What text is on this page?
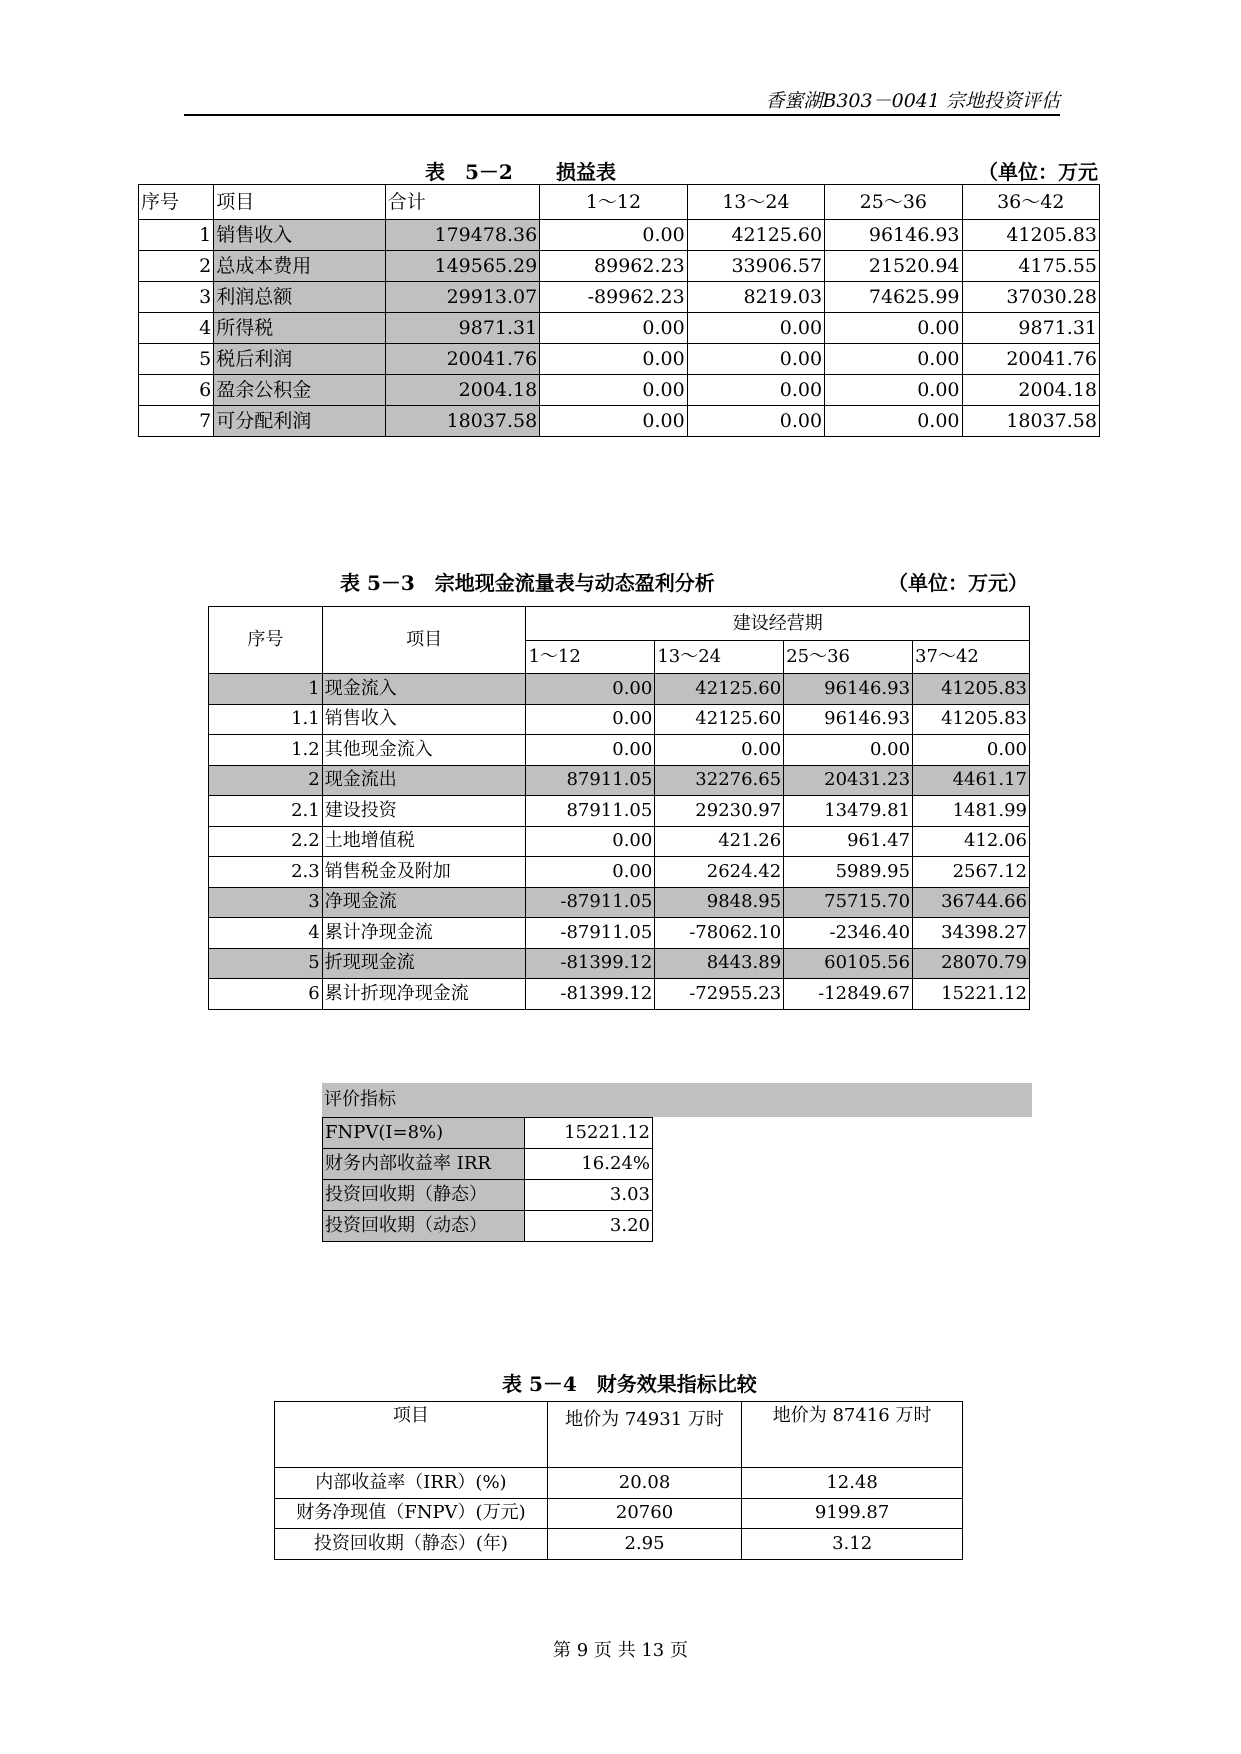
香蜜湖B303－0041 宗地投资评估
表　5－2 损益表	（单位：万元
序号	项目	合计	1～12	13～24	25～36	36～42
1	销售收入	179478.36	0.00	42125.60	96146.93	41205.83
2	总成本费用	149565.29	89962.23	33906.57	21520.94	4175.55
3	利润总额	29913.07	-89962.23	8219.03	74625.99	37030.28
4	所得税	9871.31	0.00	0.00	0.00	9871.31
5	税后利润	20041.76	0.00	0.00	0.00	20041.76
6	盈余公积金	2004.18	0.00	0.00	0.00	2004.18
7	可分配利润	18037.58	0.00	0.00	0.00	18037.58
表 5－3　宗地现金流量表与动态盈利分析	（单位：万元）
序号	项目	建设经营期			
		1～12	13～24	25～36	37～42
1	现金流入	0.00	42125.60	96146.93	41205.83
1.1	销售收入	0.00	42125.60	96146.93	41205.83
1.2	其他现金流入	0.00	0.00	0.00	0.00
2	现金流出	87911.05	32276.65	20431.23	4461.17
2.1	建设投资	87911.05	29230.97	13479.81	1481.99
2.2	土地增值税	0.00	421.26	961.47	412.06
2.3	销售税金及附加	0.00	2624.42	5989.95	2567.12
3	净现金流	-87911.05	9848.95	75715.70	36744.66
4	累计净现金流	-87911.05	-78062.10	-2346.40	34398.27
5	折现现金流	-81399.12	8443.89	60105.56	28070.79
6	累计折现净现金流	-81399.12	-72955.23	-12849.67	15221.12

FNPV(I=8%)	15221.12
财务内部收益率 IRR	16.24%
投资回收期（静态）	3.03
投资回收期（动态）	3.20
评价指标
表 5－4　财务效果指标比较
项目	地价为 74931 万时	地价为 87416 万时
内部收益率（IRR）(%)	20.08	12.48
财务净现值（FNPV）(万元)	20760	9199.87
投资回收期（静态）(年)	2.95	3.12
第 9 页 共 13 页
